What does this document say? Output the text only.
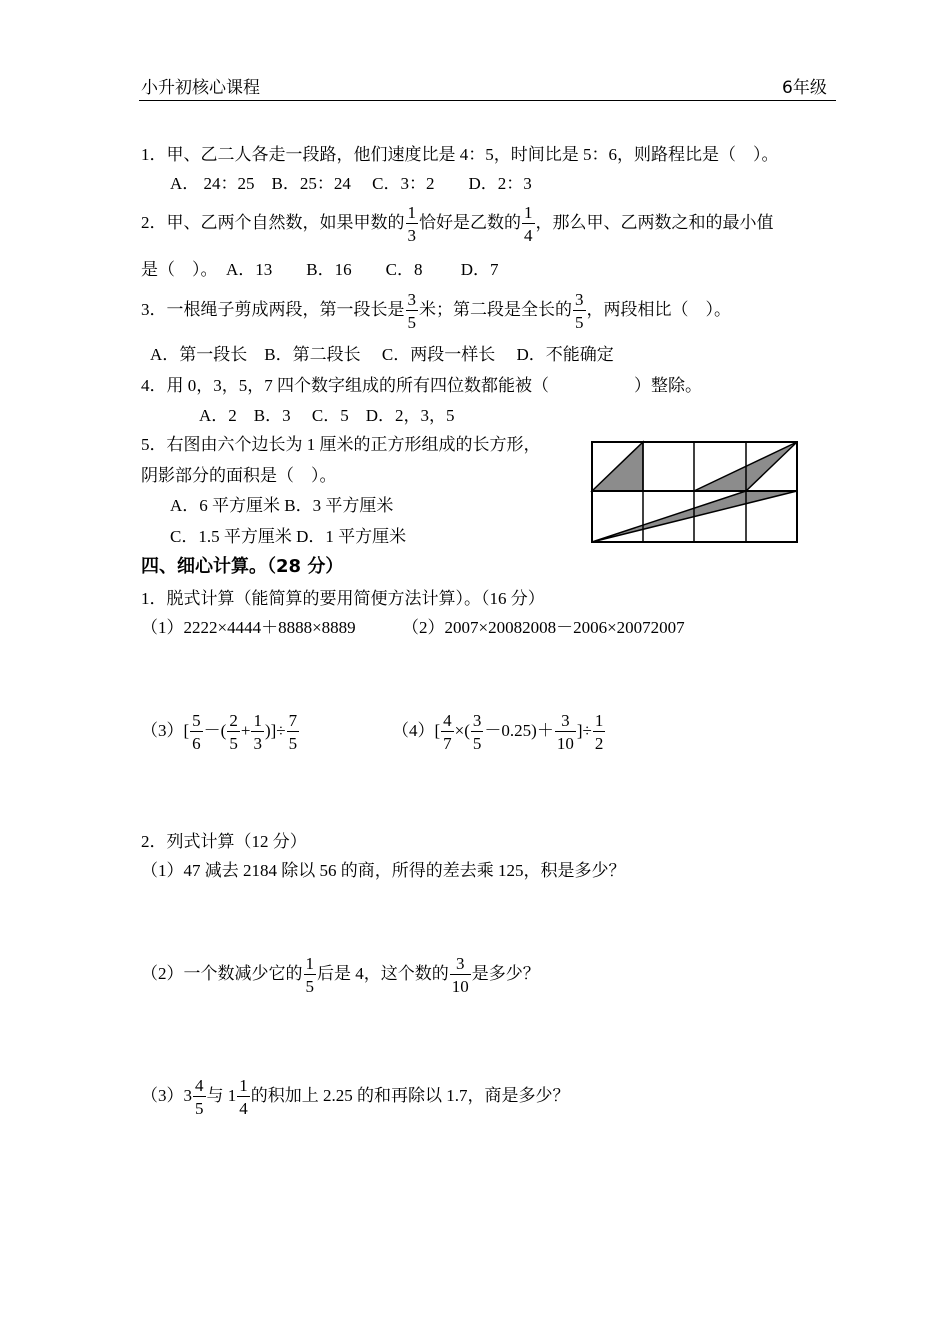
小升初核心课程	6年级
1．甲、乙二人各走一段路，他们速度比是 4：5，时间比是 5：6，则路程比是（　）。
A． 24：25　B．25：24　 C．3：2　　D．2：3
2．甲、乙两个自然数，如果甲数的 $\frac{1}{3}$ 恰好是乙数的 $\frac{1}{4}$ ，那么甲、乙两数之和的最小值
是（　）。　A．13　　B．16　　C．8　　 D．7
3．一根绳子剪成两段，第一段长是 $\frac{3}{5}$ 米；第二段是全长的 $\frac{3}{5}$ ，两段相比（　）。
A．第一段长　B．第二段长　 C．两段一样长　 D．不能确定
4．用 0，3，5，7 四个数字组成的所有四位数都能被（　　　　　）整除。
A．2　B．3　 C．5　D．2，3，5
5．右图由六个边长为 1 厘米的正方形组成的长方形，
阴影部分的面积是（　）。
A．6 平方厘米 B．3 平方厘米
C．1.5 平方厘米 D．1 平方厘米
四、细心计算。（28 分）
1．脱式计算（能简算的要用简便方法计算）。（16 分）
（1）2222×4444＋8888×8889	（2）2007×20082008－2006×20072007
$(3)[ \frac{5}{6}$ －( $\frac{2}{5} + \frac{1}{3}$ )]÷ $\frac{7}{5}$	$(4)[ \frac{4}{7}$ ×( $\frac{3}{5} -0.25)+ \frac{3}{10}$ ]÷ $\frac{1}{2}$
2．列式计算（12 分）
（1）47 减去 2184 除以 56 的商，所得的差去乘 125，积是多少？
（2）一个数减少它的 $\frac{1}{5}$ 后是 4，这个数的 $\frac{3}{10}$ 是多少？
$(3)3 \frac{4}{5}$ 与 $1 \frac{1}{4}$ 的积加上 2.25 的和再除以 1.7，商是多少？
